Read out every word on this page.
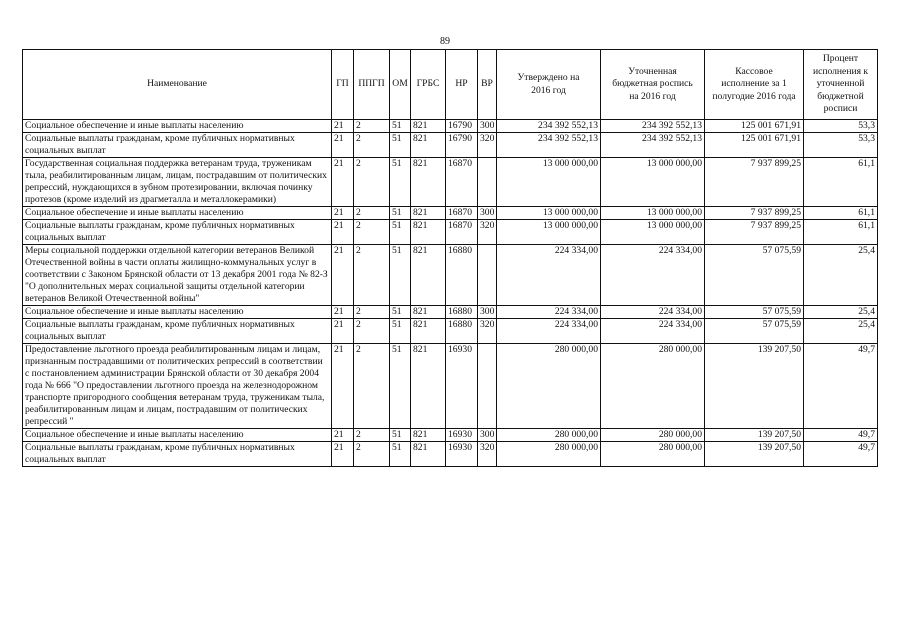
89
Наименование	ГП	ППГП	ОМ	ГРБС	НР	ВР	Утверждено на 2016 год	Уточненная бюджетная роспись на 2016 год	Кассовое исполнение за 1 полугодие 2016 года	Процент исполнения к уточненной бюджетной росписи
Социальное обеспечение и иные выплаты населению	21	2	51	821	16790	300	234 392 552,13	234 392 552,13	125 001 671,91	53,3
Социальные выплаты гражданам, кроме публичных нормативных социальных выплат	21	2	51	821	16790	320	234 392 552,13	234 392 552,13	125 001 671,91	53,3
Государственная социальная поддержка ветеранам труда, труженикам тыла, реабилитированным лицам, лицам, пострадавшим от политических репрессий, нуждающихся в зубном протезировании, включая починку протезов (кроме изделий из драгметалла и металлокерамики)	21	2	51	821	16870		13 000 000,00	13 000 000,00	7 937 899,25	61,1
Социальное обеспечение и иные выплаты населению	21	2	51	821	16870	300	13 000 000,00	13 000 000,00	7 937 899,25	61,1
Социальные выплаты гражданам, кроме публичных нормативных социальных выплат	21	2	51	821	16870	320	13 000 000,00	13 000 000,00	7 937 899,25	61,1
Меры социальной поддержки отдельной категории ветеранов Великой Отечественной войны в части оплаты жилищно-коммунальных услуг в соответствии с Законом Брянской области от 13 декабря 2001 года № 82-З "О дополнительных мерах социальной защиты отдельной категории ветеранов Великой Отечественной войны"	21	2	51	821	16880		224 334,00	224 334,00	57 075,59	25,4
Социальное обеспечение и иные выплаты населению	21	2	51	821	16880	300	224 334,00	224 334,00	57 075,59	25,4
Социальные выплаты гражданам, кроме публичных нормативных социальных выплат	21	2	51	821	16880	320	224 334,00	224 334,00	57 075,59	25,4
Предоставление льготного проезда реабилитированным лицам и лицам, признанным пострадавшими от политических репрессий в соответствии с постановлением администрации Брянской области от 30 декабря 2004 года № 666 "О предоставлении льготного проезда на железнодорожном транспорте пригородного сообщения ветеранам труда, труженикам тыла, реабилитированным лицам и лицам, пострадавшим от политических репрессий "	21	2	51	821	16930		280 000,00	280 000,00	139 207,50	49,7
Социальное обеспечение и иные выплаты населению	21	2	51	821	16930	300	280 000,00	280 000,00	139 207,50	49,7
Социальные выплаты гражданам, кроме публичных нормативных социальных выплат	21	2	51	821	16930	320	280 000,00	280 000,00	139 207,50	49,7
